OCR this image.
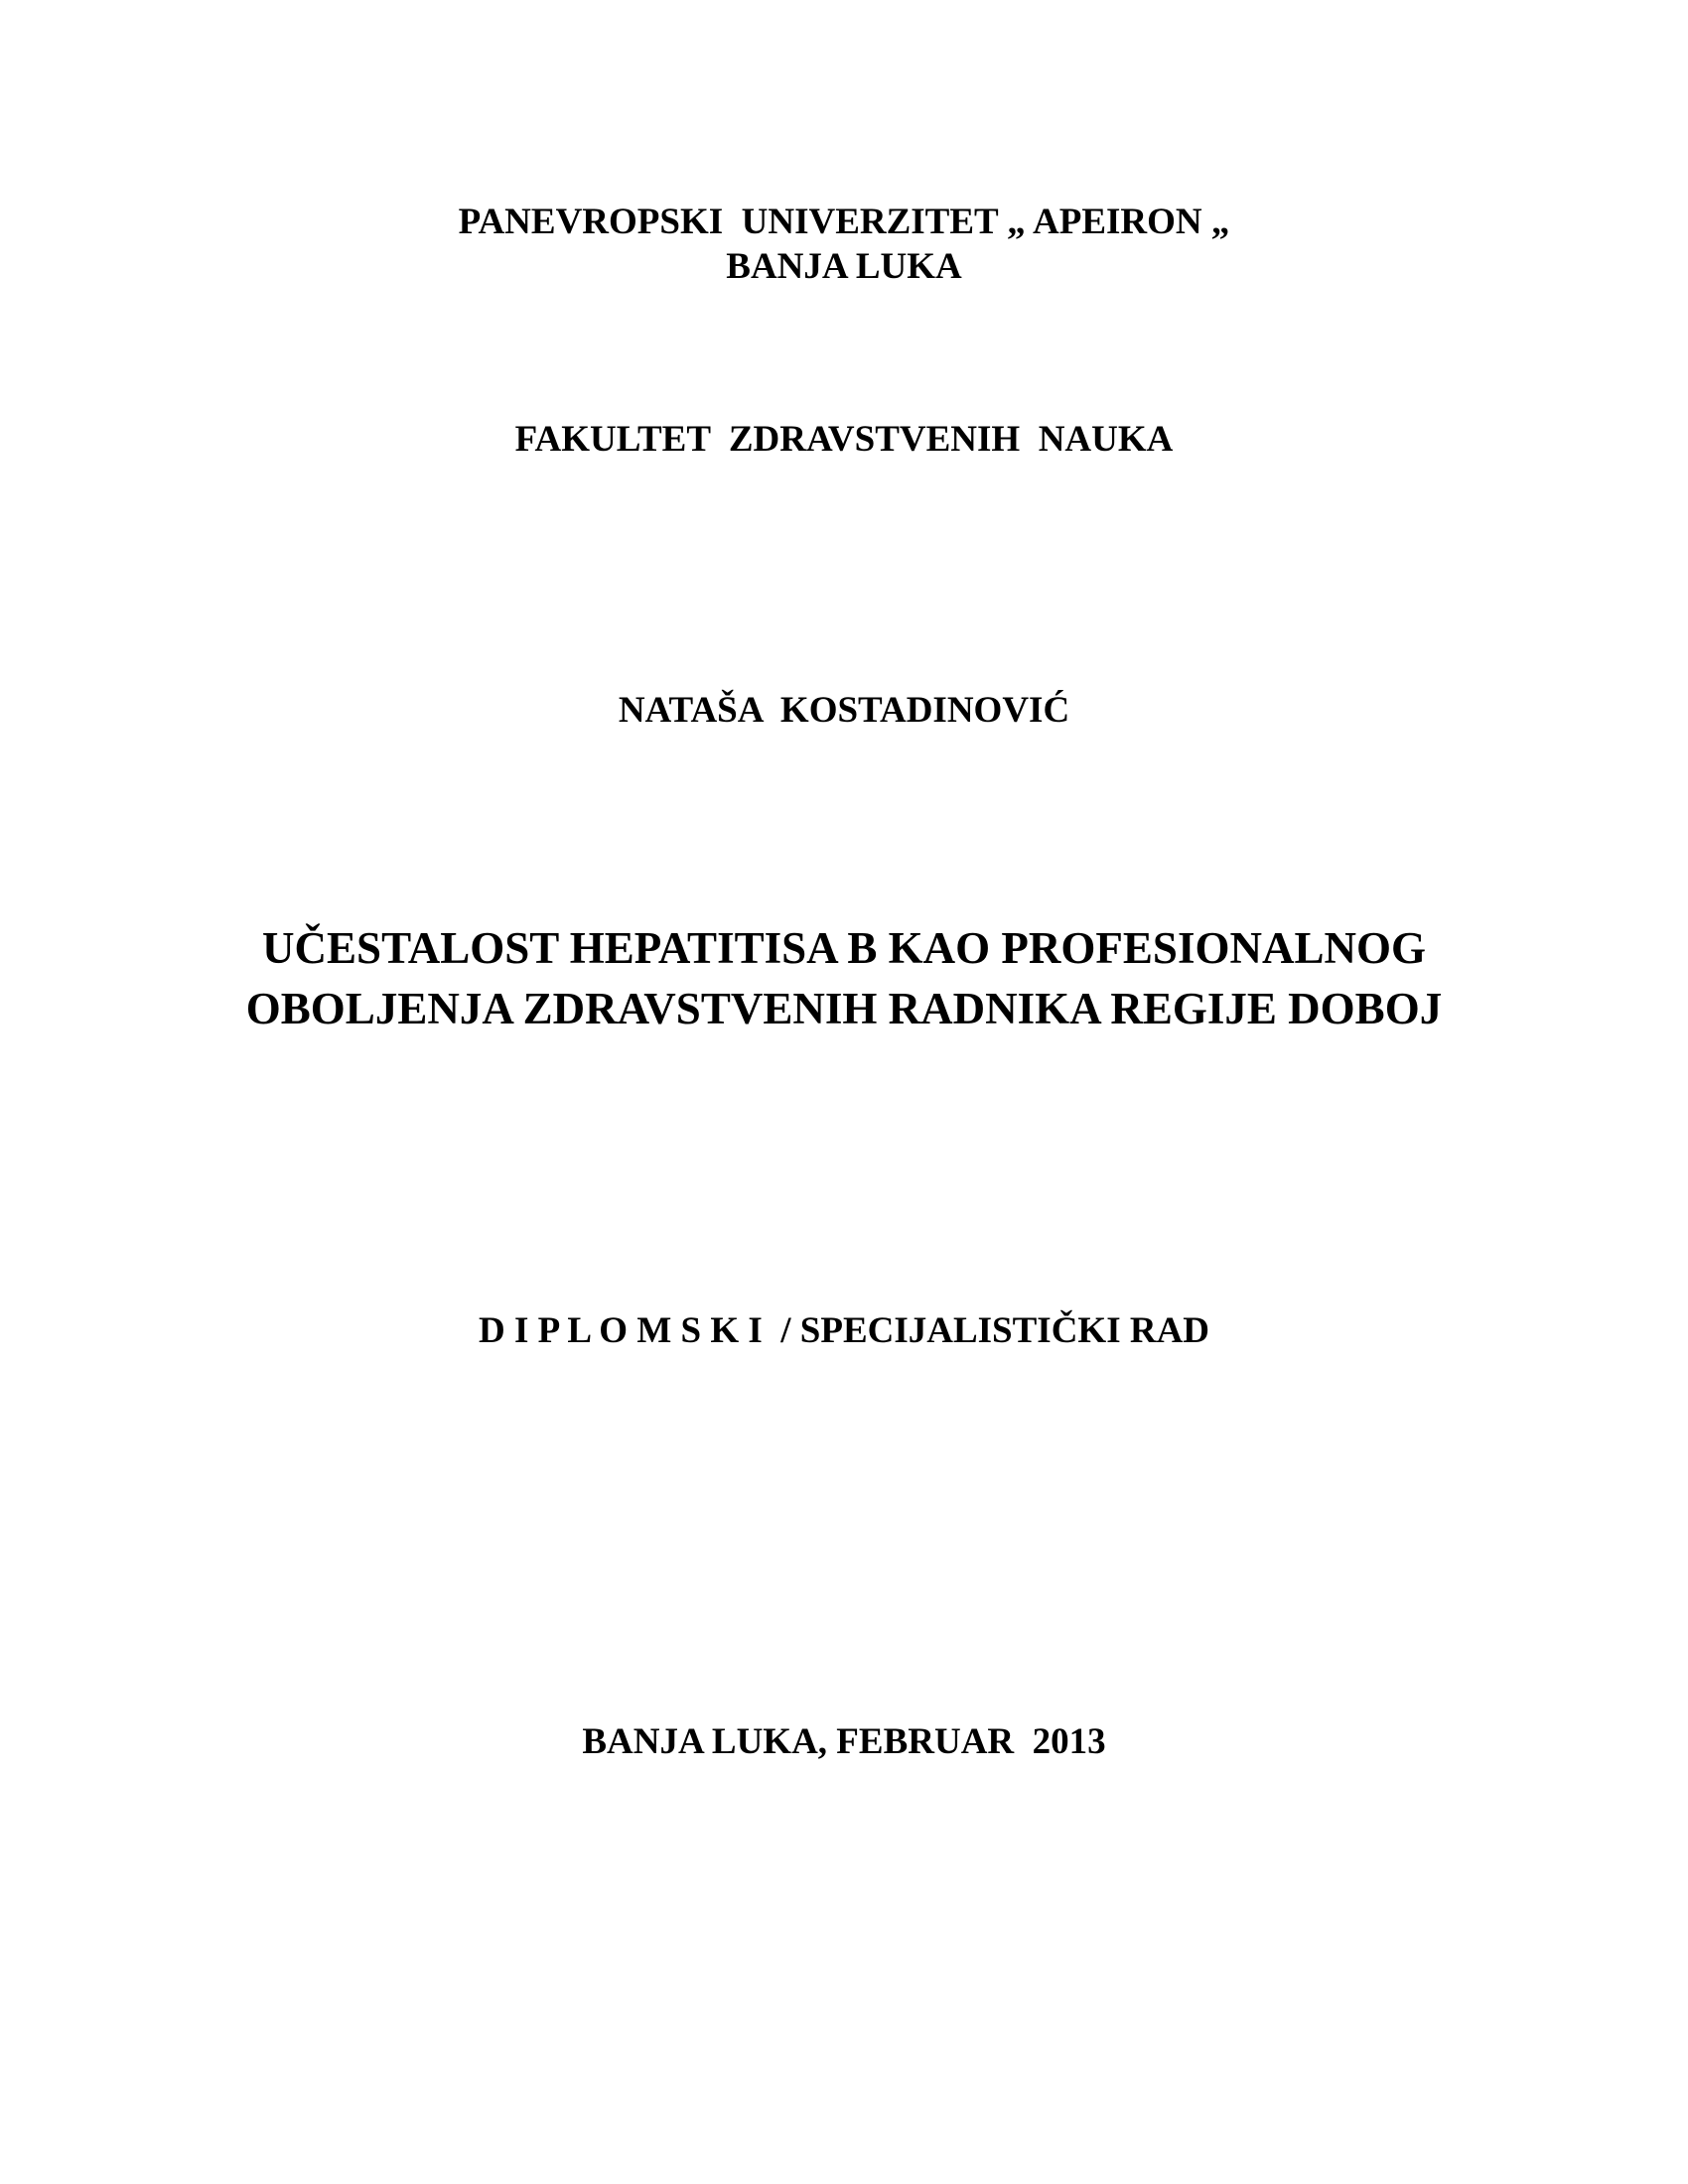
PANEVROPSKI  UNIVERZITET „ APEIRON „

BANJA LUKA

FAKULTET  ZDRAVSTVENIH  NAUKA

NATAŠA  KOSTADINOVIĆ

UČESTALOST HEPATITISA B KAO PROFESIONALNOG

OBOLJENJA ZDRAVSTVENIH RADNIKA REGIJE DOBOJ

D I P L O M S K I  / SPECIJALISTIČKI RAD

BANJA LUKA, FEBRUAR  2013
